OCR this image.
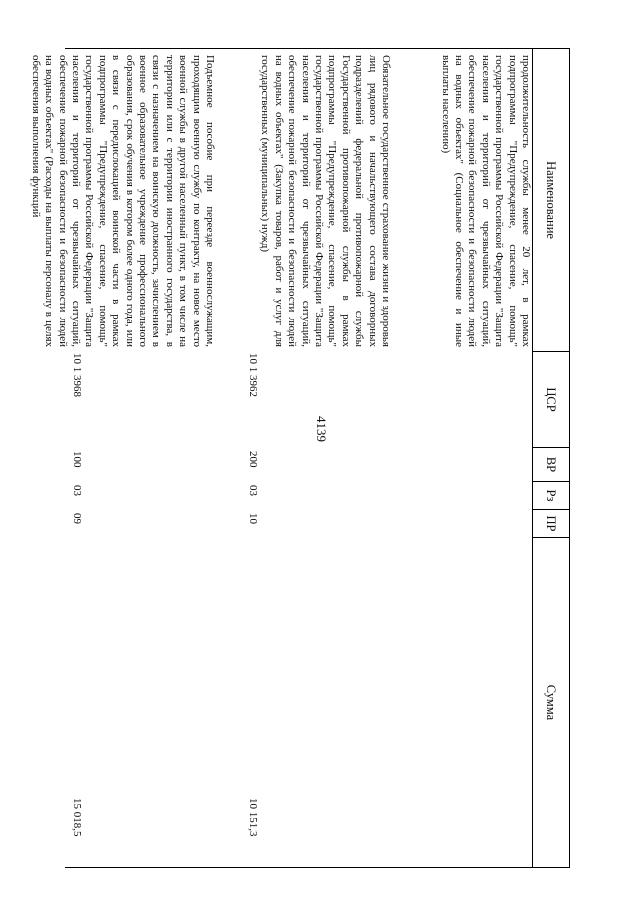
4139
Наименование
ЦСР
ВР
Рз
ПР
Сумма
продолжительность службы менее 20 лет, в рамках подпрограммы "Предупреждение, спасение, помощь" государственной программы Российской Федерации "Защита населения и территорий от чрезвычайных ситуаций, обеспечение пожарной безопасности и безопасности людей на водных объектах" (Социальное обеспечение и иные выплаты населению)
Обязательное государственное страхование жизни и здоровья лиц рядового и начальствующего состава договорных подразделений федеральной противопожарной службы Государственной противопожарной службы в рамках подпрограммы "Предупреждение, спасение, помощь" государственной программы Российской Федерации "Защита населения и территорий от чрезвычайных ситуаций, обеспечение пожарной безопасности и безопасности людей на водных объектах" (Закупка товаров, работ и услуг для государственных (муниципальных) нужд)
10 1 3962
200
03
10
10 151,3
Подъемное пособие при переезде военнослужащим, проходящим военную службу по контракту, на новое место военной службы в другой населенный пункт, в том числе на территории или с территории иностранного государства, в связи с назначением на воинскую должность, зачислением в военное образовательное учреждение профессионального образования, срок обучения в котором более одного года, или в связи с передислокацией воинской части в рамках подпрограммы "Предупреждение, спасение, помощь" государственной программы Российской Федерации "Защита населения и территорий от чрезвычайных ситуаций, обеспечение пожарной безопасности и безопасности людей на водных объектах" (Расходы на выплаты персоналу в целях обеспечения выполнения функций
10 1 3968
100
03
09
15 018,5
